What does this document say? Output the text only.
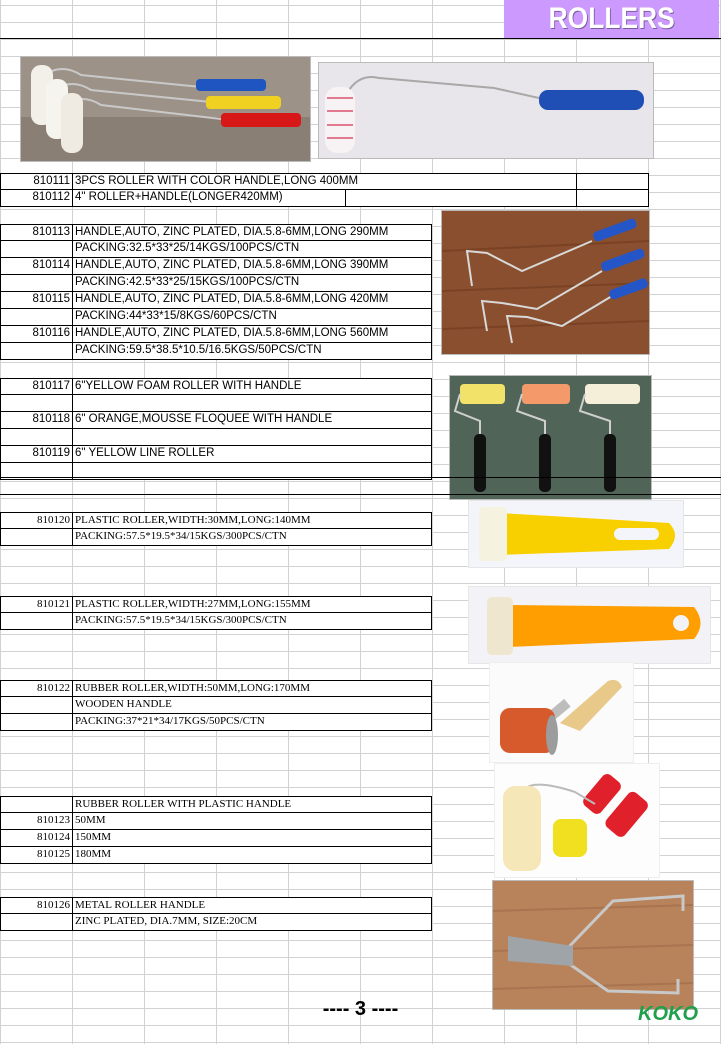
ROLLERS
810111 3PCS ROLLER WITH COLOR HANDLE,LONG 400MM
810112 4" ROLLER+HANDLE(LONGER420MM)
810113 HANDLE,AUTO, ZINC PLATED, DIA.5.8-6MM,LONG 290MM
PACKING:32.5*33*25/14KGS/100PCS/CTN
810114 HANDLE,AUTO, ZINC PLATED, DIA.5.8-6MM,LONG 390MM
PACKING:42.5*33*25/15KGS/100PCS/CTN
810115 HANDLE,AUTO, ZINC PLATED, DIA.5.8-6MM,LONG 420MM
PACKING:44*33*15/8KGS/60PCS/CTN
810116 HANDLE,AUTO, ZINC PLATED, DIA.5.8-6MM,LONG 560MM
PACKING:59.5*38.5*10.5/16.5KGS/50PCS/CTN
810117 6"YELLOW FOAM ROLLER WITH HANDLE
810118 6" ORANGE,MOUSSE FLOQUEE WITH HANDLE
810119 6" YELLOW LINE ROLLER
810120 PLASTIC ROLLER,WIDTH:30MM,LONG:140MM
PACKING:57.5*19.5*34/15KGS/300PCS/CTN
810121 PLASTIC ROLLER,WIDTH:27MM,LONG:155MM
PACKING:57.5*19.5*34/15KGS/300PCS/CTN
810122 RUBBER ROLLER,WIDTH:50MM,LONG:170MM
WOODEN HANDLE
PACKING:37*21*34/17KGS/50PCS/CTN
RUBBER ROLLER WITH PLASTIC HANDLE
810123 50MM
810124 150MM
810125 180MM
810126 METAL ROLLER HANDLE
ZINC PLATED, DIA.7MM, SIZE:20CM
---- 3 ----	KOKO
